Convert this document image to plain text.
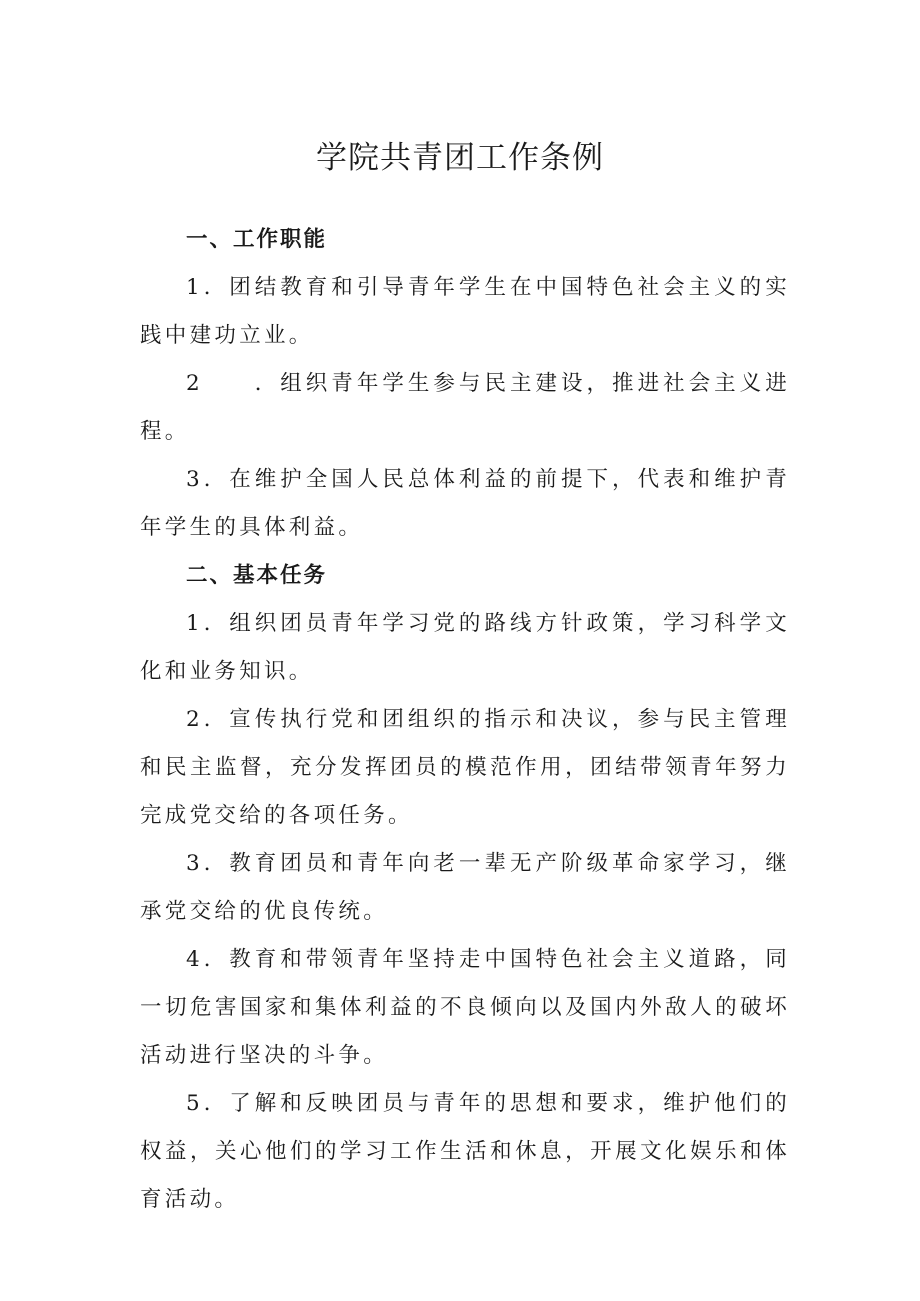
学院共青团工作条例

一、工作职能

1．团结教育和引导青年学生在中国特色社会主义的实践中建功立业。

2　　．组织青年学生参与民主建设，推进社会主义进程。

3．在维护全国人民总体利益的前提下，代表和维护青年学生的具体利益。

二、基本任务

1．组织团员青年学习党的路线方针政策，学习科学文化和业务知识。

2．宣传执行党和团组织的指示和决议，参与民主管理和民主监督，充分发挥团员的模范作用，团结带领青年努力完成党交给的各项任务。

3．教育团员和青年向老一辈无产阶级革命家学习，继承党交给的优良传统。

4．教育和带领青年坚持走中国特色社会主义道路，同一切危害国家和集体利益的不良倾向以及国内外敌人的破坏活动进行坚决的斗争。

5．了解和反映团员与青年的思想和要求，维护他们的权益，关心他们的学习工作生活和休息，开展文化娱乐和体育活动。
